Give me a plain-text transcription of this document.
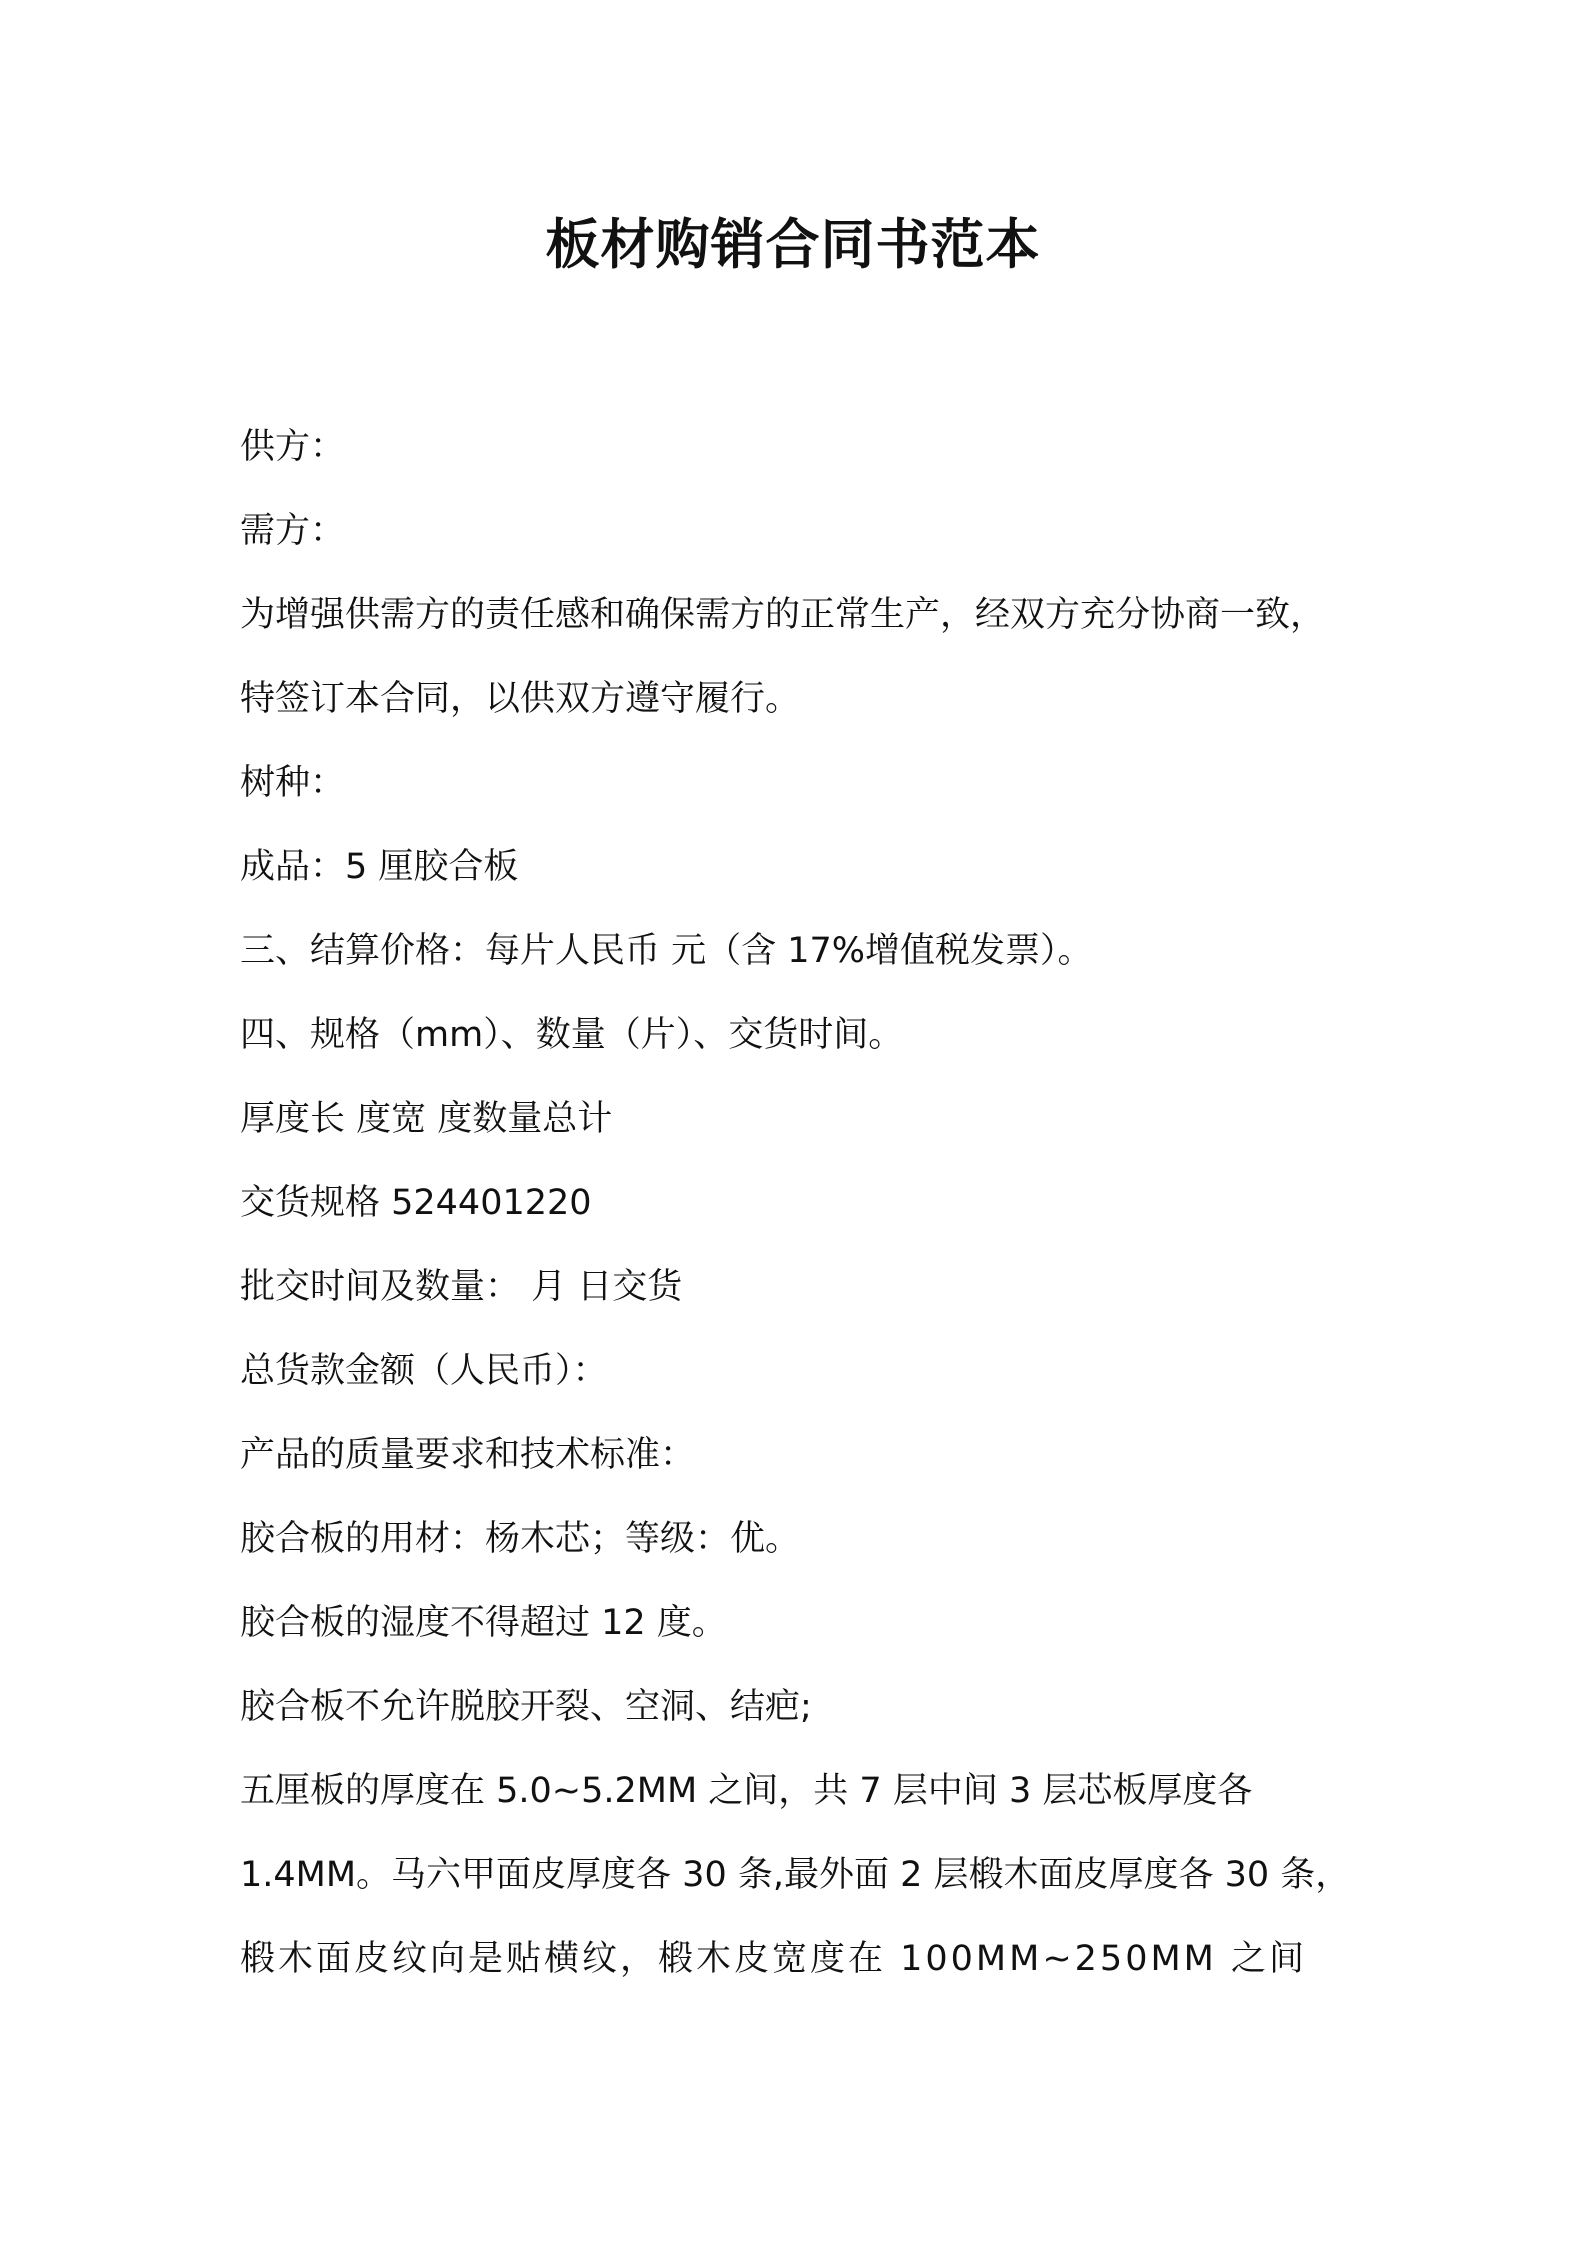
板材购销合同书范本
供方：
需方：
为增强供需方的责任感和确保需方的正常生产，经双方充分协商一致，
特签订本合同，以供双方遵守履行。
树种：
成品：5 厘胶合板
三、结算价格：每片人民币 元（含 17%增值税发票）。
四、规格（mm）、数量（片）、交货时间。
厚度长 度宽 度数量总计
交货规格 524401220
批交时间及数量： 月 日交货
总货款金额（人民币）：
产品的质量要求和技术标准：
胶合板的用材：杨木芯；等级：优。
胶合板的湿度不得超过 12 度。
胶合板不允许脱胶开裂、空洞、结疤;
五厘板的厚度在 5.0~5.2MM 之间，共 7 层中间 3 层芯板厚度各
1.4MM。马六甲面皮厚度各 30 条,最外面 2 层椴木面皮厚度各 30 条，
椴木面皮纹向是贴横纹，椴木皮宽度在 100MM~250MM 之间
